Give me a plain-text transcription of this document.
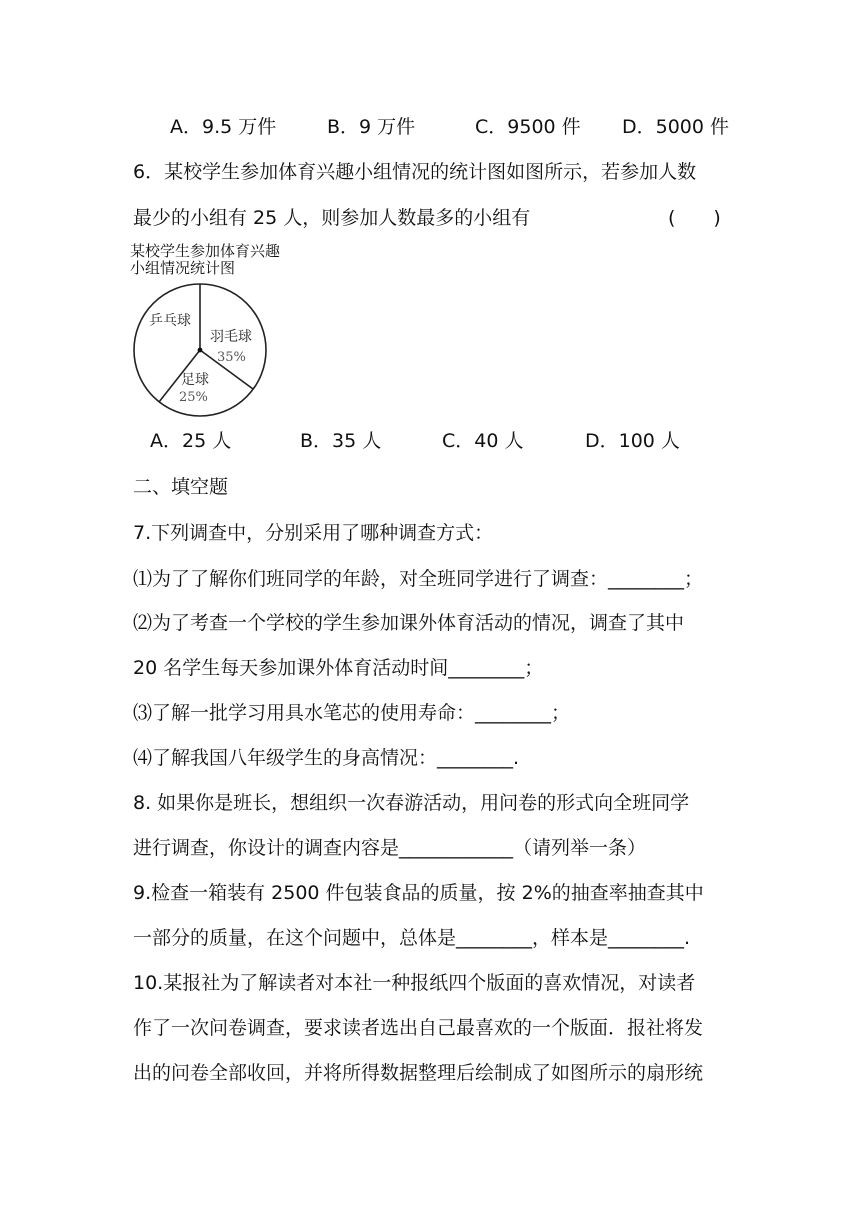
A．9.5 万件	B．9 万件	C．9500 件 D．5000 件
6．某校学生参加体育兴趣小组情况的统计图如图所示，若参加人数
最少的小组有 25 人，则参加人数最多的小组有	(　　)
某校学生参加体育兴趣
小组情况统计图
乒乓球
羽毛球
35%
足球
25%
A．25 人	B．35 人	C．40 人	D．100 人
二、填空题
7.下列调查中，分别采用了哪种调查方式：
⑴为了了解你们班同学的年龄，对全班同学进行了调查：________；
⑵为了考查一个学校的学生参加课外体育活动的情况，调查了其中
20 名学生每天参加课外体育活动时间________；
⑶了解一批学习用具水笔芯的使用寿命：________；
⑷了解我国八年级学生的身高情况：________.
8. 如果你是班长，想组织一次春游活动，用问卷的形式向全班同学
进行调查，你设计的调查内容是____________（请列举一条）
9.检查一箱装有 2500 件包装食品的质量，按 2%的抽查率抽查其中
一部分的质量，在这个问题中，总体是________，样本是________.
10.某报社为了解读者对本社一种报纸四个版面的喜欢情况，对读者
作了一次问卷调查，要求读者选出自己最喜欢的一个版面．报社将发
出的问卷全部收回，并将所得数据整理后绘制成了如图所示的扇形统
